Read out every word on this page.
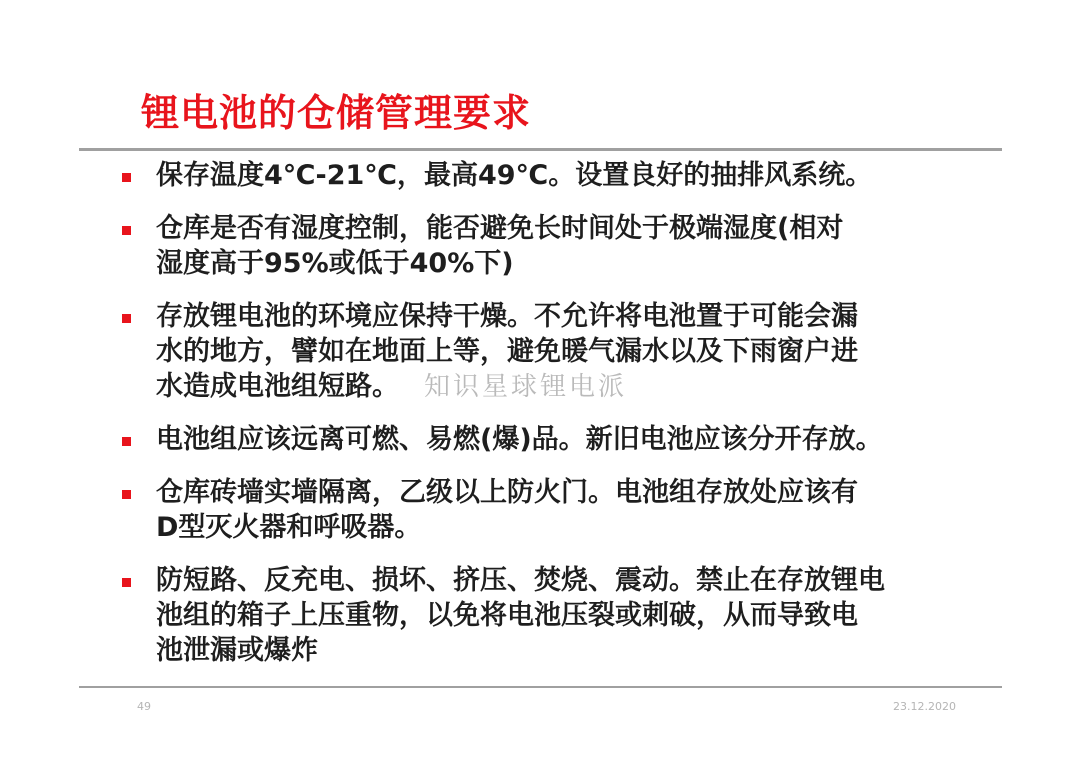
锂电池的仓储管理要求
保存温度4℃-21℃，最高49℃。设置良好的抽排风系统。
仓库是否有湿度控制，能否避免长时间处于极端湿度(相对
湿度高于95%或低于40%下)
存放锂电池的环境应保持干燥。不允许将电池置于可能会漏
水的地方，譬如在地面上等，避免暖气漏水以及下雨窗户进
水造成电池组短路。
电池组应该远离可燃、易燃(爆)品。新旧电池应该分开存放。
仓库砖墙实墙隔离，乙级以上防火门。电池组存放处应该有
D型灭火器和呼吸器。
防短路、反充电、损坏、挤压、焚烧、震动。禁止在存放锂电
池组的箱子上压重物，以免将电池压裂或刺破，从而导致电
池泄漏或爆炸
知识星球锂电派
49	23.12.2020
